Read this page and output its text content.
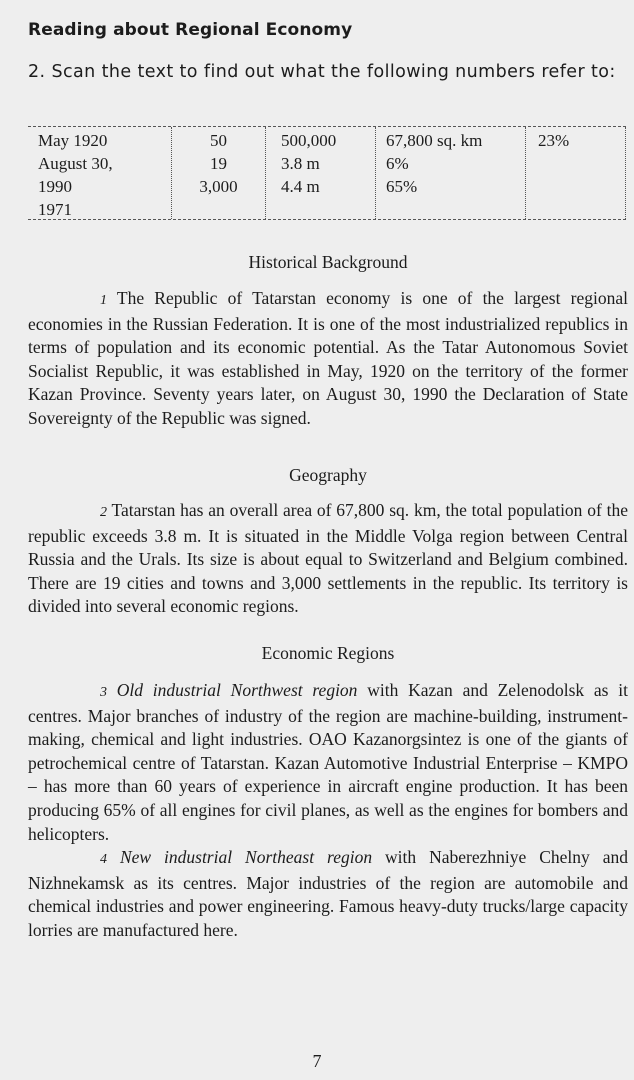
Reading about Regional Economy
2. Scan the text to find out what the following numbers refer to:
May 1920
August 30,
1990
1971
50
19
3,000
500,000
3.8 m
4.4 m
67,800 sq. km
6%
65%
23%
Historical Background

1 The Republic of Tatarstan economy is one of the largest regional economies in the Russian Federation. It is one of the most industrialized republics in terms of population and its economic potential. As the Tatar Autonomous Soviet Socialist Republic, it was established in May, 1920 on the territory of the former Kazan Province. Seventy years later, on August 30, 1990 the Declaration of State Sovereignty of the Republic was signed.

Geography

2 Tatarstan has an overall area of 67,800 sq. km, the total population of the republic exceeds 3.8 m. It is situated in the Middle Volga region between Central Russia and the Urals. Its size is about equal to Switzerland and Belgium combined. There are 19 cities and towns and 3,000 settlements in the republic. Its territory is divided into several economic regions.

Economic Regions

3 Old industrial Northwest region with Kazan and Zelenodolsk as it centres. Major branches of industry of the region are machine-building, instrument-making, chemical and light industries. OAO Kazanorgsintez is one of the giants of petrochemical centre of Tatarstan. Kazan Automotive Industrial Enterprise – KMPO – has more than 60 years of experience in aircraft engine production. It has been producing 65% of all engines for civil planes, as well as the engines for bombers and helicopters.

4 New industrial Northeast region with Naberezhniye Chelny and Nizhnekamsk as its centres. Major industries of the region are automobile and chemical industries and power engineering. Famous heavy-duty trucks/large capacity lorries are manufactured here.

7
